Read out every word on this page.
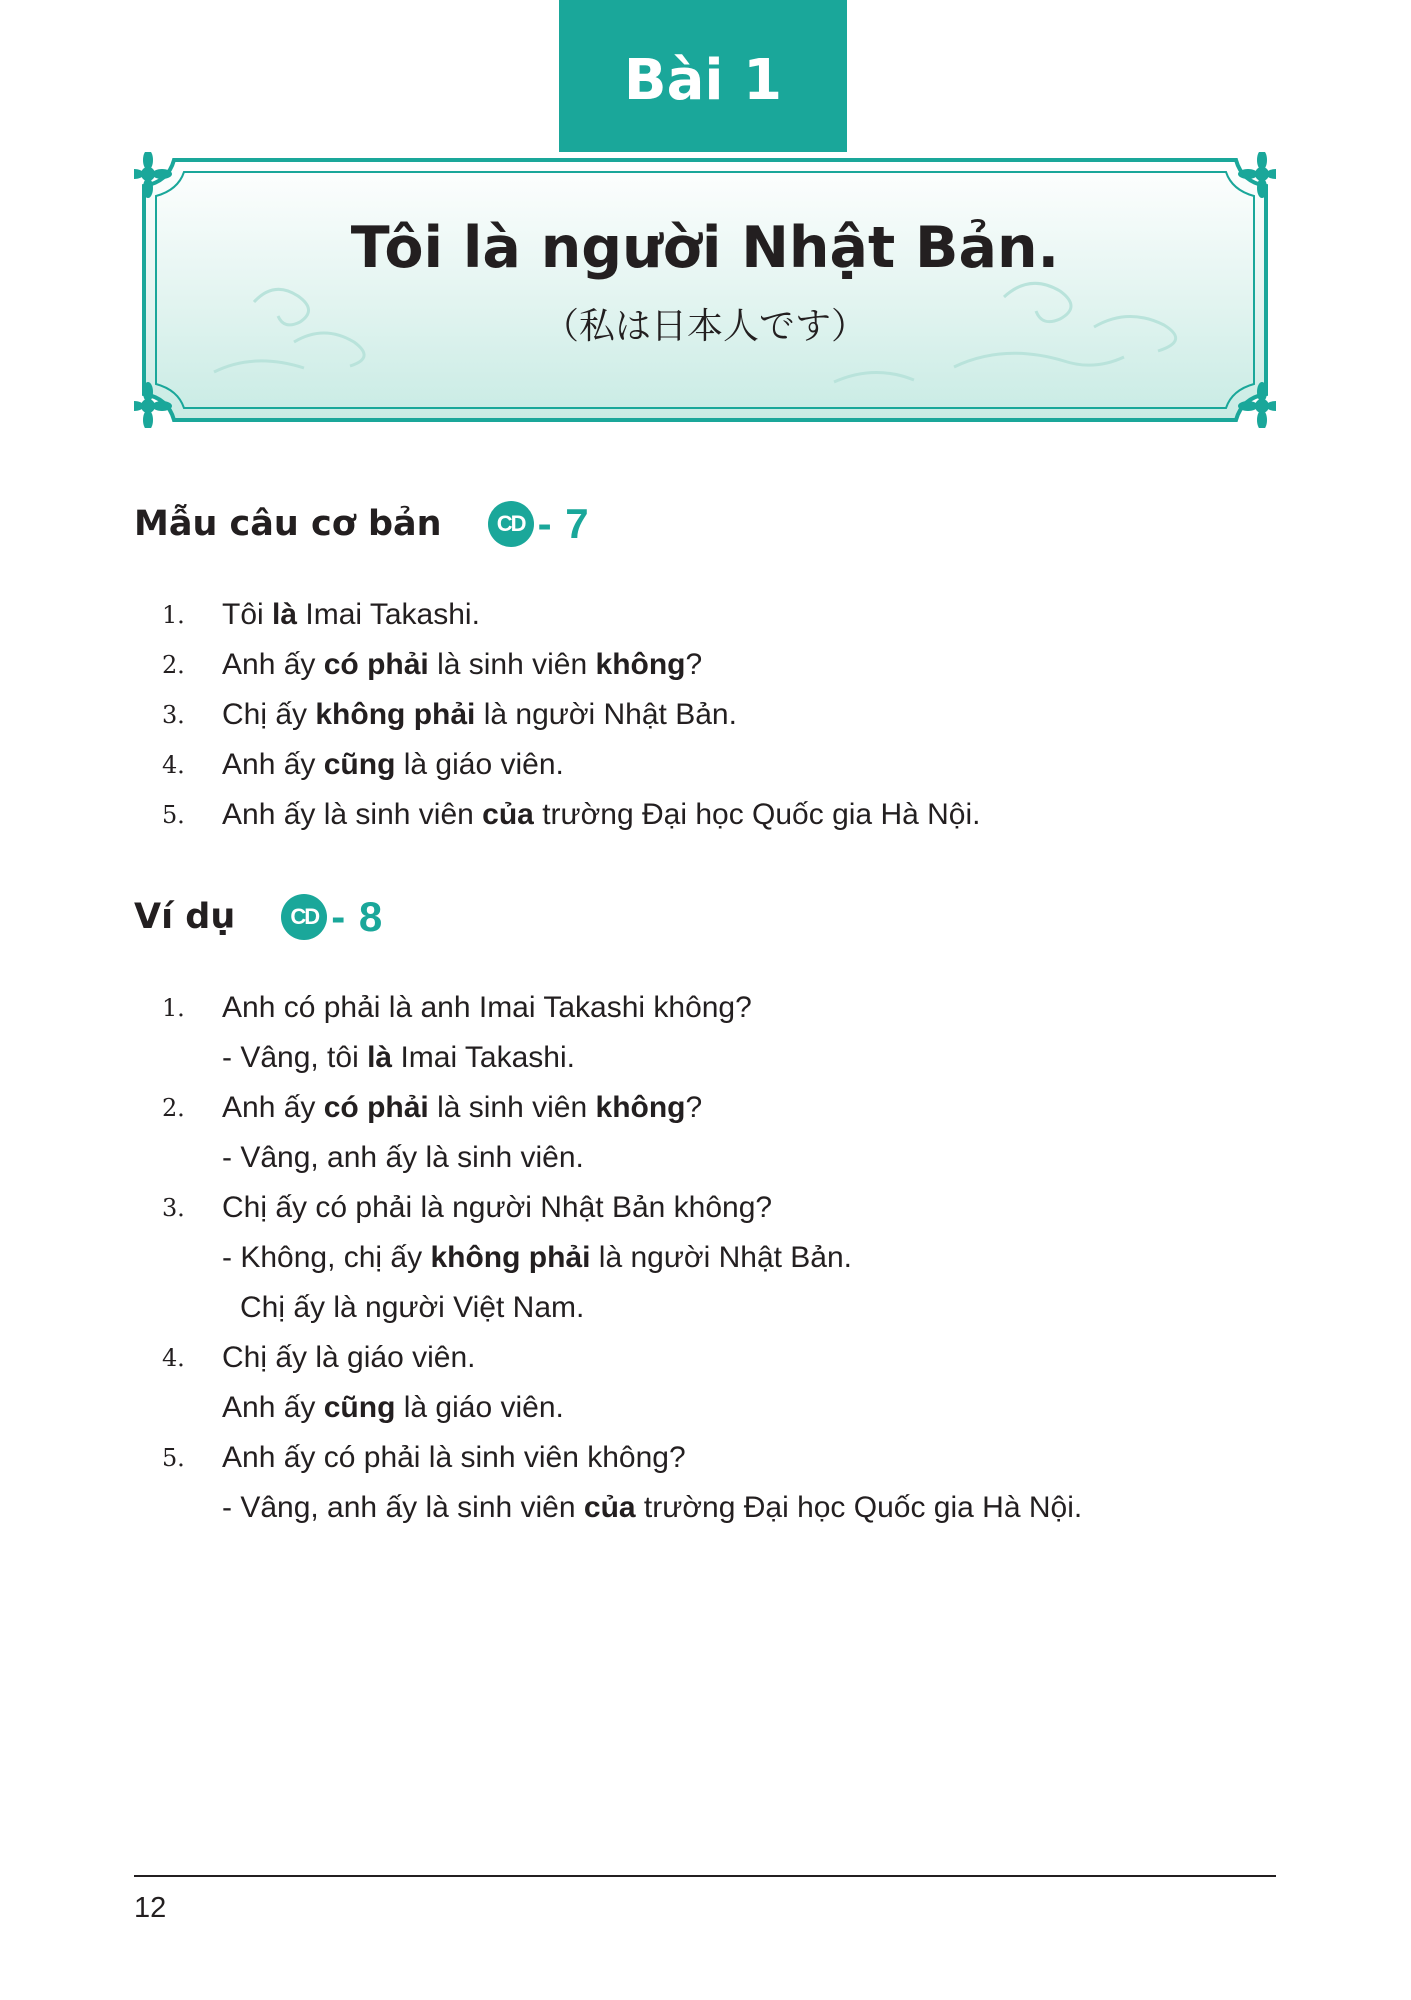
Bài 1
Tôi là người Nhật Bản.
（私は日本人です）
Mẫu câu cơ bản	CD - 7
1． Tôi là Imai Takashi.
2． Anh ấy có phải là sinh viên không?
3． Chị ấy không phải là người Nhật Bản.
4． Anh ấy cũng là giáo viên.
5． Anh ấy là sinh viên của trường Đại học Quốc gia Hà Nội.
Ví dụ	CD - 8
1． Anh có phải là anh Imai Takashi không?
- Vâng, tôi là Imai Takashi.
2． Anh ấy có phải là sinh viên không?
- Vâng, anh ấy là sinh viên.
3． Chị ấy có phải là người Nhật Bản không?
- Không, chị ấy không phải là người Nhật Bản.
Chị ấy là người Việt Nam.
4． Chị ấy là giáo viên.
Anh ấy cũng là giáo viên.
5． Anh ấy có phải là sinh viên không?
- Vâng, anh ấy là sinh viên của trường Đại học Quốc gia Hà Nội.
12
